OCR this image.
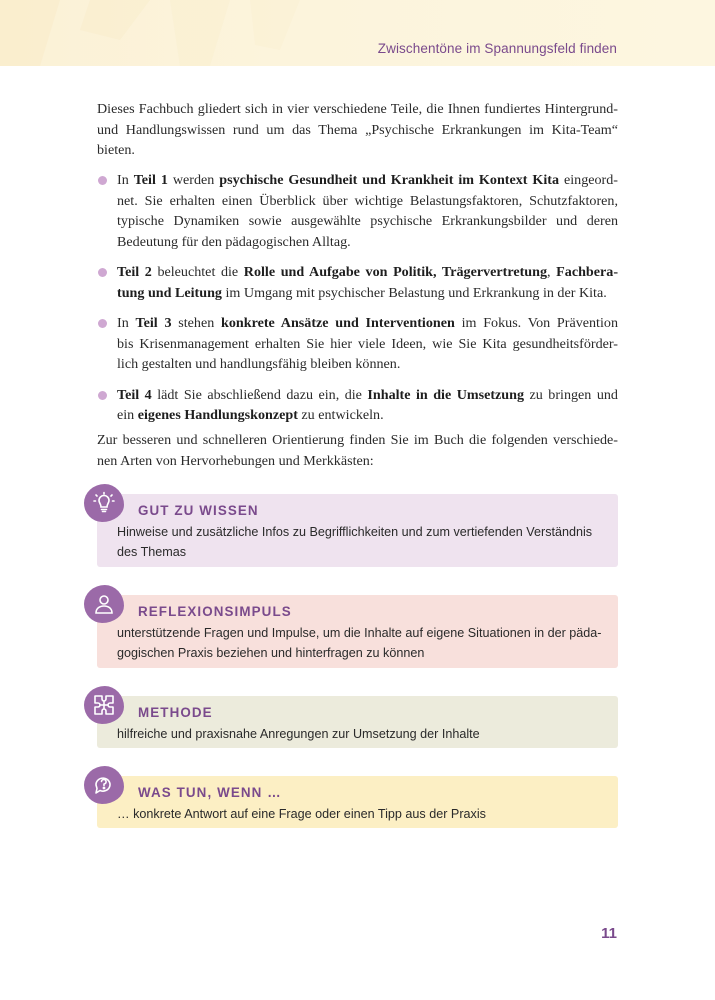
Zwischentöne im Spannungsfeld finden
Dieses Fachbuch gliedert sich in vier verschiedene Teile, die Ihnen fundiertes Hintergrund-
und Handlungswissen rund um das Thema „Psychische Erkrankungen im Kita-Team“
bieten.
In Teil 1 werden psychische Gesundheit und Krankheit im Kontext Kita eingeord-
net. Sie erhalten einen Überblick über wichtige Belastungsfaktoren, Schutzfaktoren,
typische Dynamiken sowie ausgewählte psychische Erkrankungsbilder und deren
Bedeutung für den pädagogischen Alltag.
Teil 2 beleuchtet die Rolle und Aufgabe von Politik, Trägervertretung, Fachbera-
tung und Leitung im Umgang mit psychischer Belastung und Erkrankung in der Kita.
In Teil 3 stehen konkrete Ansätze und Interventionen im Fokus. Von Prävention
bis Krisenmanagement erhalten Sie hier viele Ideen, wie Sie Kita gesundheitsförder-
lich gestalten und handlungsfähig bleiben können.
Teil 4 lädt Sie abschließend dazu ein, die Inhalte in die Umsetzung zu bringen und
ein eigenes Handlungskonzept zu entwickeln.
Zur besseren und schnelleren Orientierung finden Sie im Buch die folgenden verschiede-
nen Arten von Hervorhebungen und Merkkästen:
GUT ZU WISSEN
Hinweise und zusätzliche Infos zu Begrifflichkeiten und zum vertiefenden Verständnis
des Themas
REFLEXIONSIMPULS
unterstützende Fragen und Impulse, um die Inhalte auf eigene Situationen in der päda-
gogischen Praxis beziehen und hinterfragen zu können
METHODE
hilfreiche und praxisnahe Anregungen zur Umsetzung der Inhalte
WAS TUN, WENN …
… konkrete Antwort auf eine Frage oder einen Tipp aus der Praxis
11
